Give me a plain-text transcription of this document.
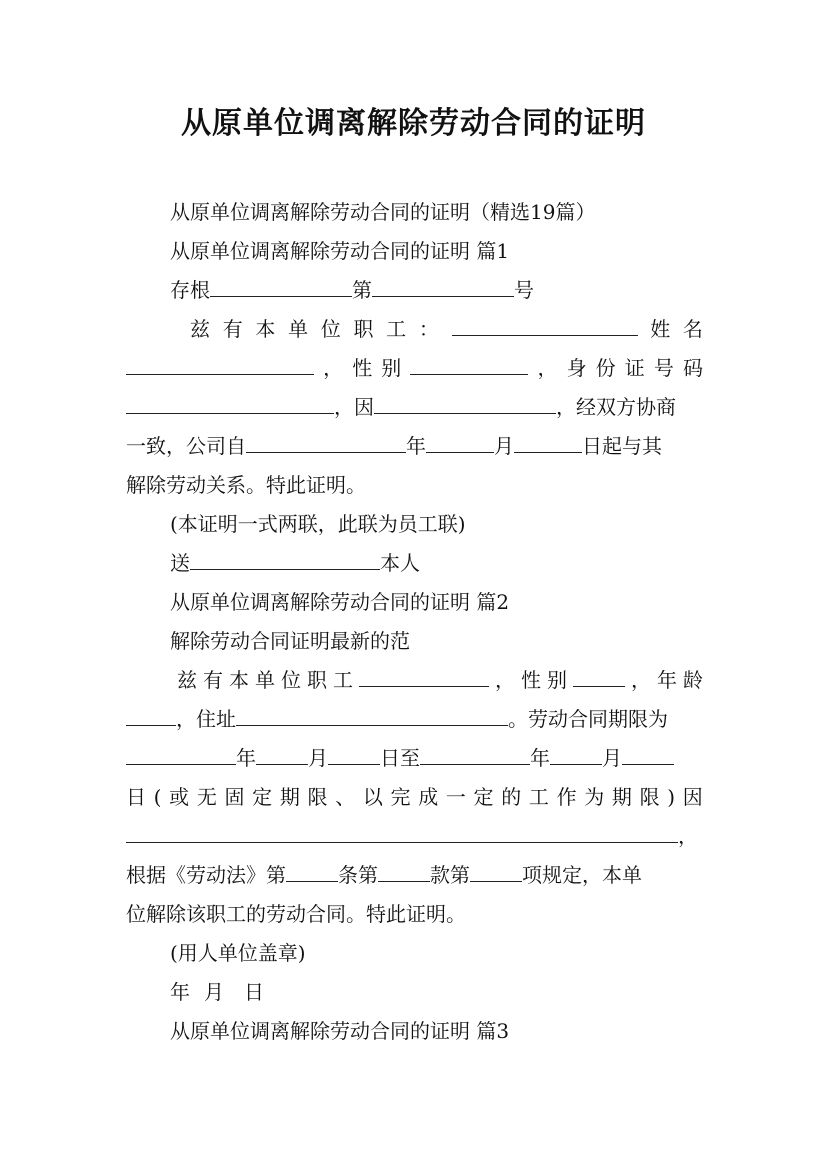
从原单位调离解除劳动合同的证明
从原单位调离解除劳动合同的证明（精选19篇）
从原单位调离解除劳动合同的证明 篇1
存根	第	号
兹 有 本 单 位 职 工 ：	姓 名
， 性 别	， 身 份 证 号 码
，因	，经双方协商
一致，公司自	年	月	日起与其
解除劳动关系。特此证明。
(本证明一式两联，此联为员工联)
送	本人
从原单位调离解除劳动合同的证明 篇2
解除劳动合同证明最新的范
兹 有 本 单 位 职 工	， 性 别	， 年 龄
，住址	。劳动合同期限为
年	月	日至	年	月
日 ( 或 无 固 定 期 限 、 以 完 成 一 定 的 工 作 为 期 限 ) 因
，
根据《劳动法》第	条第	款第	项规定，本单
位解除该职工的劳动合同。特此证明。
(用人单位盖章)
年 月 日
从原单位调离解除劳动合同的证明 篇3
